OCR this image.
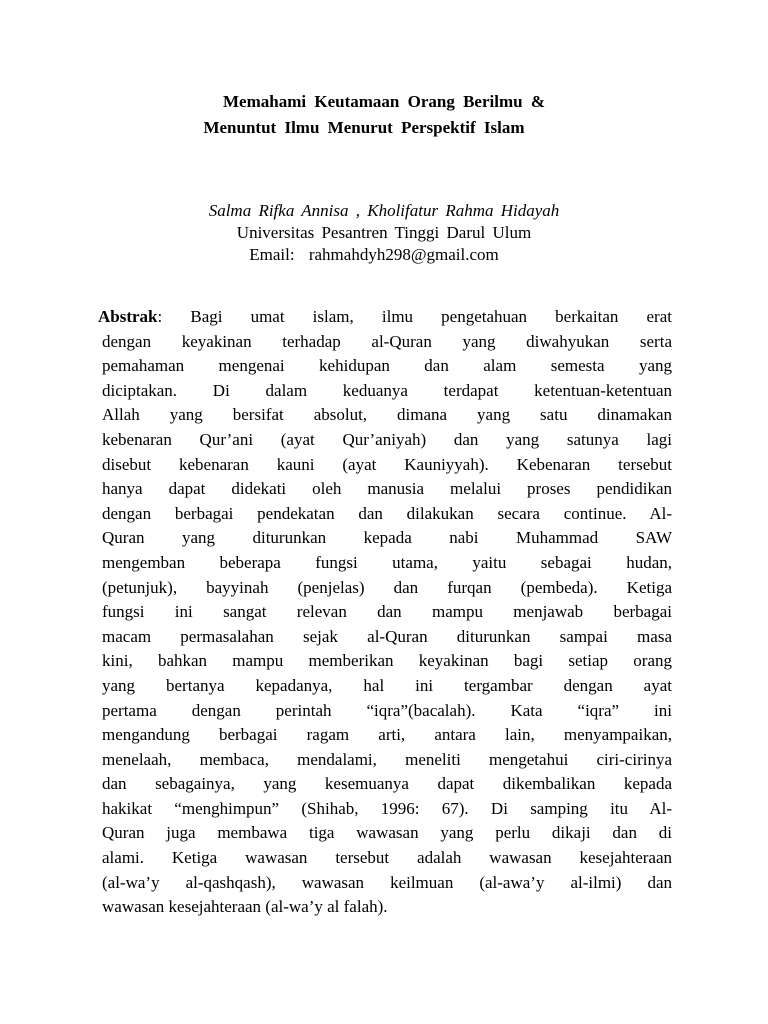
Memahami Keutamaan Orang Berilmu &
Menuntut Ilmu Menurut Perspektif Islam
Salma Rifka Annisa , Kholifatur Rahma Hidayah
Universitas Pesantren Tinggi Darul Ulum
Email: rahmahdyh298@gmail.com
Abstrak: Bagi umat islam, ilmu pengetahuan berkaitan erat
dengan keyakinan terhadap al-Quran yang diwahyukan serta
pemahaman mengenai kehidupan dan alam semesta yang
diciptakan. Di dalam keduanya terdapat ketentuan-ketentuan
Allah yang bersifat absolut, dimana yang satu dinamakan
kebenaran Qur’ani (ayat Qur’aniyah) dan yang satunya lagi
disebut kebenaran kauni (ayat Kauniyyah). Kebenaran tersebut
hanya dapat didekati oleh manusia melalui proses pendidikan
dengan berbagai pendekatan dan dilakukan secara continue. Al-
Quran yang diturunkan kepada nabi Muhammad SAW
mengemban beberapa fungsi utama, yaitu sebagai hudan,
(petunjuk), bayyinah (penjelas) dan furqan (pembeda). Ketiga
fungsi ini sangat relevan dan mampu menjawab berbagai
macam permasalahan sejak al-Quran diturunkan sampai masa
kini, bahkan mampu memberikan keyakinan bagi setiap orang
yang bertanya kepadanya, hal ini tergambar dengan ayat
pertama dengan perintah “iqra”(bacalah). Kata “iqra” ini
mengandung berbagai ragam arti, antara lain, menyampaikan,
menelaah, membaca, mendalami, meneliti mengetahui ciri-cirinya
dan sebagainya, yang kesemuanya dapat dikembalikan kepada
hakikat “menghimpun” (Shihab, 1996: 67). Di samping itu Al-
Quran juga membawa tiga wawasan yang perlu dikaji dan di
alami. Ketiga wawasan tersebut adalah wawasan kesejahteraan
(al-wa’y al-qashqash), wawasan keilmuan (al-awa’y al-ilmi) dan
wawasan kesejahteraan (al-wa’y al falah).
